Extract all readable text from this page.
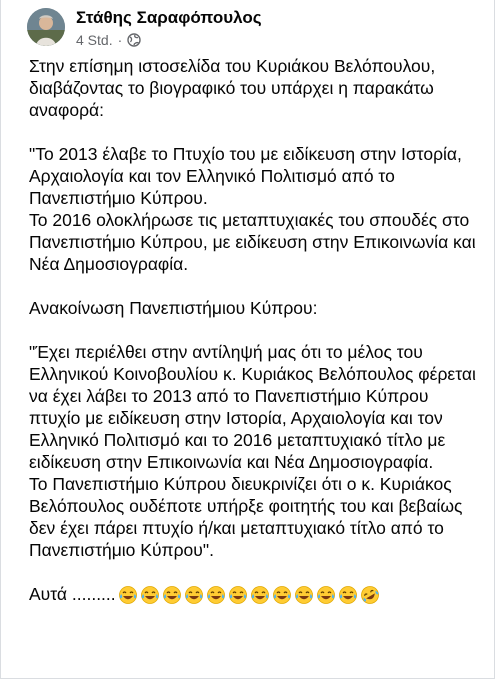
Στάθης Σαραφόπουλος
4 Std. ·

Στην επίσημη ιστοσελίδα του Κυριάκου Βελόπουλου, διαβάζοντας το βιογραφικό του υπάρχει η παρακάτω αναφορά:

"Το 2013 έλαβε το Πτυχίο του με ειδίκευση στην Ιστορία, Αρχαιολογία και τον Ελληνικό Πολιτισμό από το Πανεπιστήμιο Κύπρου.

Το 2016 ολοκλήρωσε τις μεταπτυχιακές του σπουδές στο Πανεπιστήμιο Κύπρου, με ειδίκευση στην Επικοινωνία και Νέα Δημοσιογραφία.

Ανακοίνωση Πανεπιστήμιου Κύπρου:

"Έχει περιέλθει στην αντίληψή μας ότι το μέλος του Ελληνικού Κοινοβουλίου κ. Κυριάκος Βελόπουλος φέρεται να έχει λάβει το 2013 από το Πανεπιστήμιο Κύπρου πτυχίο με ειδίκευση στην Ιστορία, Αρχαιολογία και τον Ελληνικό Πολιτισμό και το 2016 μεταπτυχιακό τίτλο με ειδίκευση στην Επικοινωνία και Νέα Δημοσιογραφία.

Το Πανεπιστήμιο Κύπρου διευκρινίζει ότι ο κ. Κυριάκος Βελόπουλος ουδέποτε υπήρξε φοιτητής του και βεβαίως δεν έχει πάρει πτυχίο ή/και μεταπτυχιακό τίτλο από το Πανεπιστήμιο Κύπρου".

Αυτά .........
